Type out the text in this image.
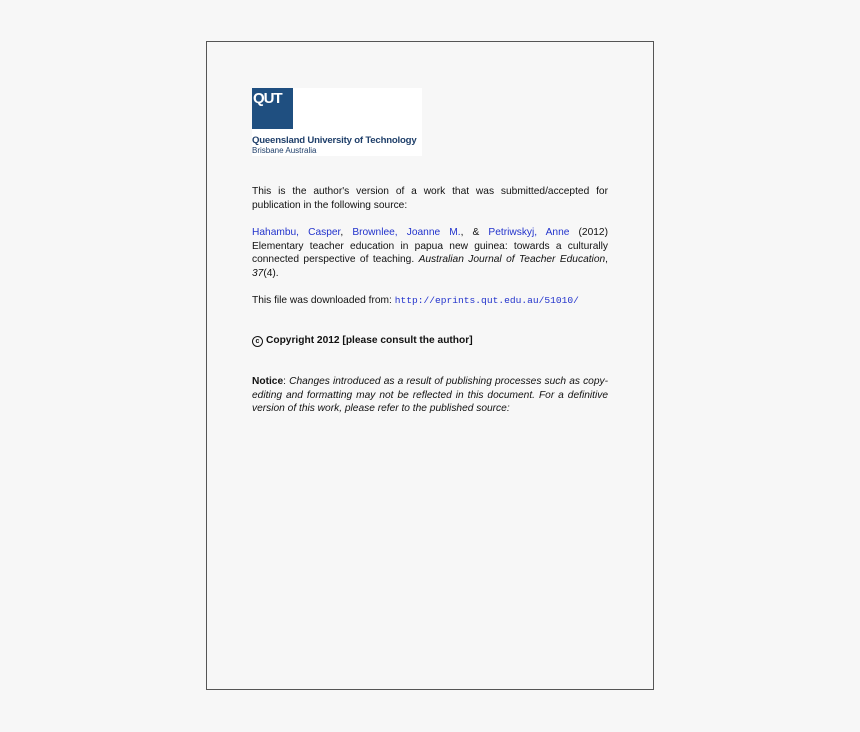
QUT
Queensland University of Technology
Brisbane Australia
This is the author's version of a work that was submitted/accepted for publication in the following source:
Hahambu, Casper, Brownlee, Joanne M., & Petriwskyj, Anne (2012) Elementary teacher education in papua new guinea: towards a culturally connected perspective of teaching. Australian Journal of Teacher Education, 37(4).
This file was downloaded from: http://eprints.qut.edu.au/51010/
c Copyright 2012 [please consult the author]
Notice: Changes introduced as a result of publishing processes such as copy-editing and formatting may not be reflected in this document. For a definitive version of this work, please refer to the published source:
